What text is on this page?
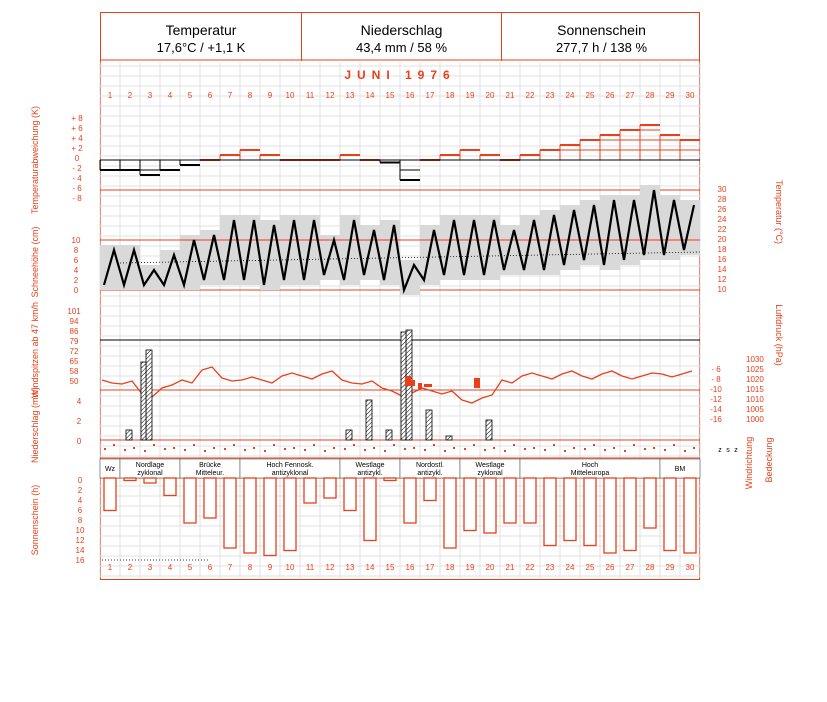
Temperatur
17,6°C / +1,1 K
Niederschlag
43,4 mm / 58 %
Sonnenschein
277,7 h / 138 %
JUNI 1976
1
1
2
2
3
3
4
4
5
5
6
6
7
7
8
8
9
9
10
10
11
11
12
12
13
13
14
14
15
15
16
16
17
17
18
18
19
19
20
20
21
21
22
22
23
23
24
24
25
25
26
26
27
27
28
28
29
29
30
30
+ 8
+ 6
+ 4
+ 2
0
- 2
- 4
- 6
- 8
30
28
26
24
22
20
18
16
14
12
10
10
8
6
4
2
0
101
94
86
79
72
65
58
50
- 6
- 8
-10
-12
-14
-16
1030
1025
1020
1015
1010
1005
1000
4
2
0
z s z
Wz
Nordlage
zyklonal
Brücke
Mitteleur.
Hoch Fennosk.
antizyklonal
Westlage
antizykl.
Nordostl.
antizykl.
Westlage
zyklonal
Hoch
Mitteleuropa
BM
0
2
4
6
8
10
12
14
16
Temperaturabweichung (K)
Schneehöhe (cm)
Windspitzen ab 47 km/h
Niederschlag (mm)
Sonnenschein (h)
Temperatur (°C)
Luftdruck (hPa)
Windrichtung Bedeckung
